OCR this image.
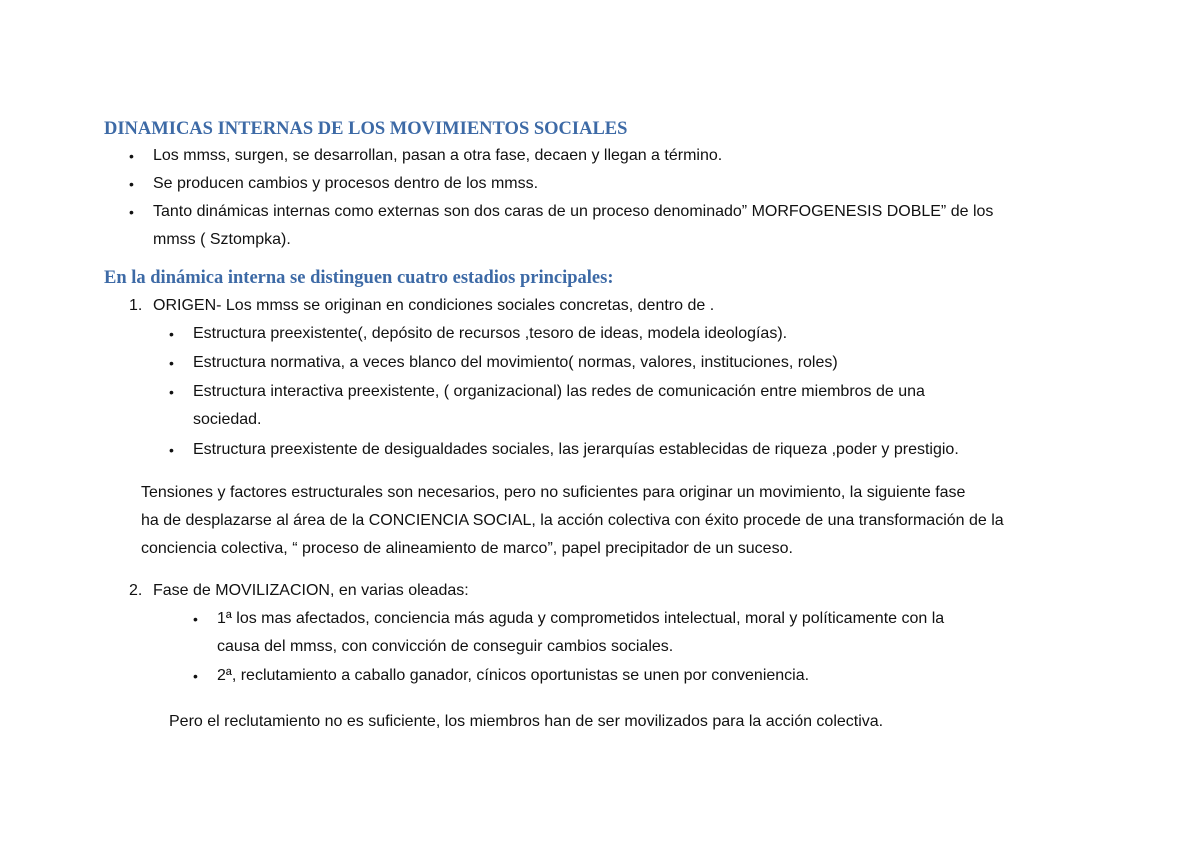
DINAMICAS INTERNAS DE LOS MOVIMIENTOS SOCIALES
• Los mmss, surgen, se desarrollan, pasan a otra fase, decaen y llegan a término.

• Se producen cambios y procesos dentro de los mmss.

• Tanto dinámicas internas como externas son dos caras de un proceso denominado” MORFOGENESIS DOBLE” de los

mmss ( Sztompka).

En la dinámica interna se distinguen cuatro estadios principales:
1. ORIGEN- Los mmss se originan en condiciones sociales concretas, dentro de .

• Estructura preexistente(, depósito de recursos ,tesoro de ideas, modela ideologías).

• Estructura normativa, a veces blanco del movimiento( normas, valores, instituciones, roles)

• Estructura interactiva preexistente, ( organizacional) las redes de comunicación entre miembros de una

sociedad.

• Estructura preexistente de desigualdades sociales, las jerarquías establecidas de riqueza ,poder y prestigio.

Tensiones y factores estructurales son necesarios, pero no suficientes para originar un movimiento, la siguiente fase

ha de desplazarse al área de la CONCIENCIA SOCIAL, la acción colectiva con éxito procede de una transformación de la

conciencia colectiva, “ proceso de alineamiento de marco”, papel precipitador de un suceso.

2. Fase de MOVILIZACION, en varias oleadas:

• 1ª los mas afectados, conciencia más aguda y comprometidos intelectual, moral y políticamente con la

causa del mmss, con convicción de conseguir cambios sociales.

• 2ª, reclutamiento a caballo ganador, cínicos oportunistas se unen por conveniencia.

Pero el reclutamiento no es suficiente, los miembros han de ser movilizados para la acción colectiva.
